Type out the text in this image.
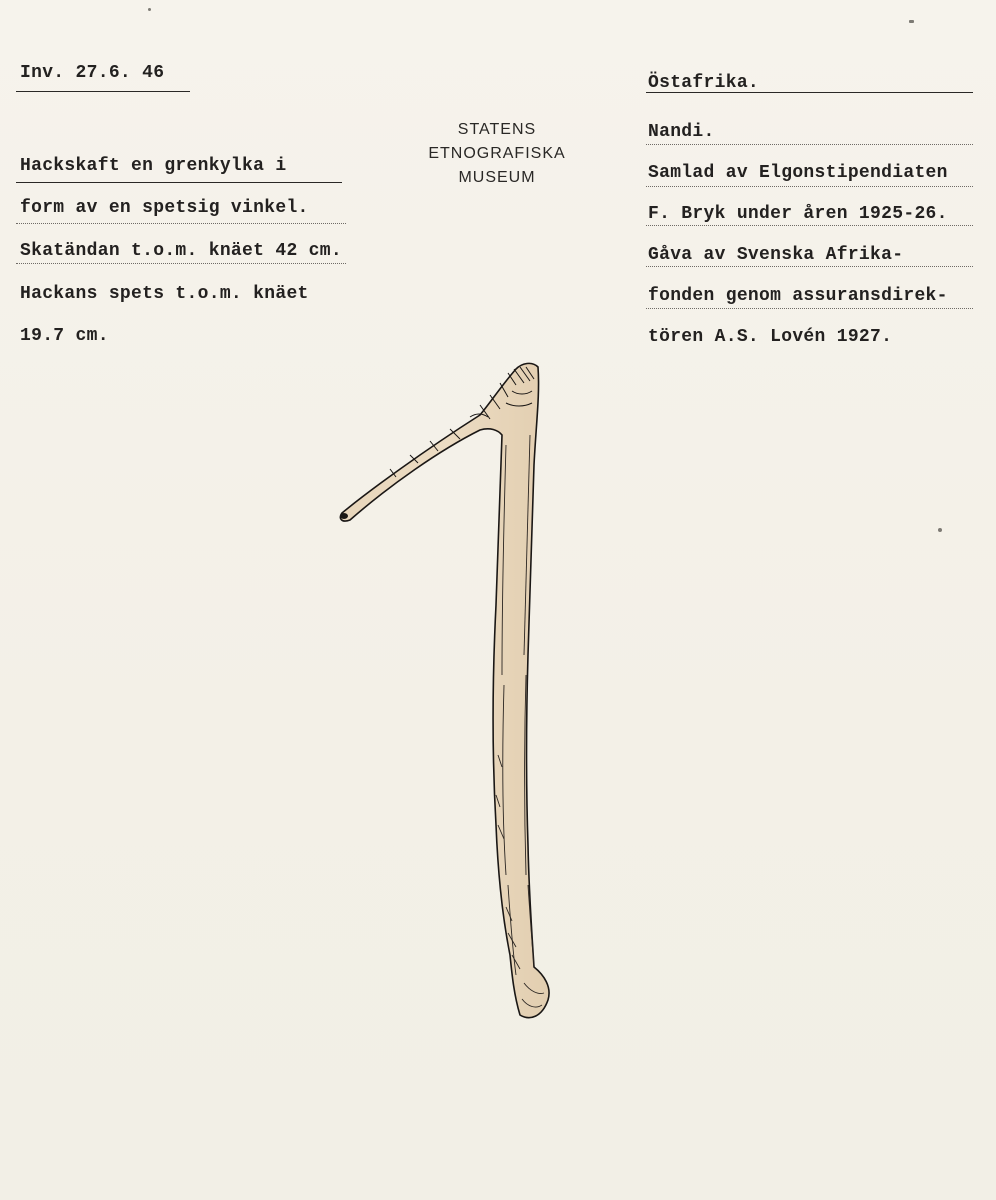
Inv. 27.6. 46
STATENS
ETNOGRAFISKA
MUSEUM
Hackskaft en grenkylka i
form av en spetsig vinkel.
Skatändan t.o.m. knäet 42 cm.
Hackans spets t.o.m. knäet
19.7 cm.
Östafrika.
Nandi.
Samlad av Elgonstipendiaten
F. Bryk under åren 1925-26.
Gåva av Svenska Afrika-
fonden genom assuransdirek-
tören A.S. Lovén 1927.
